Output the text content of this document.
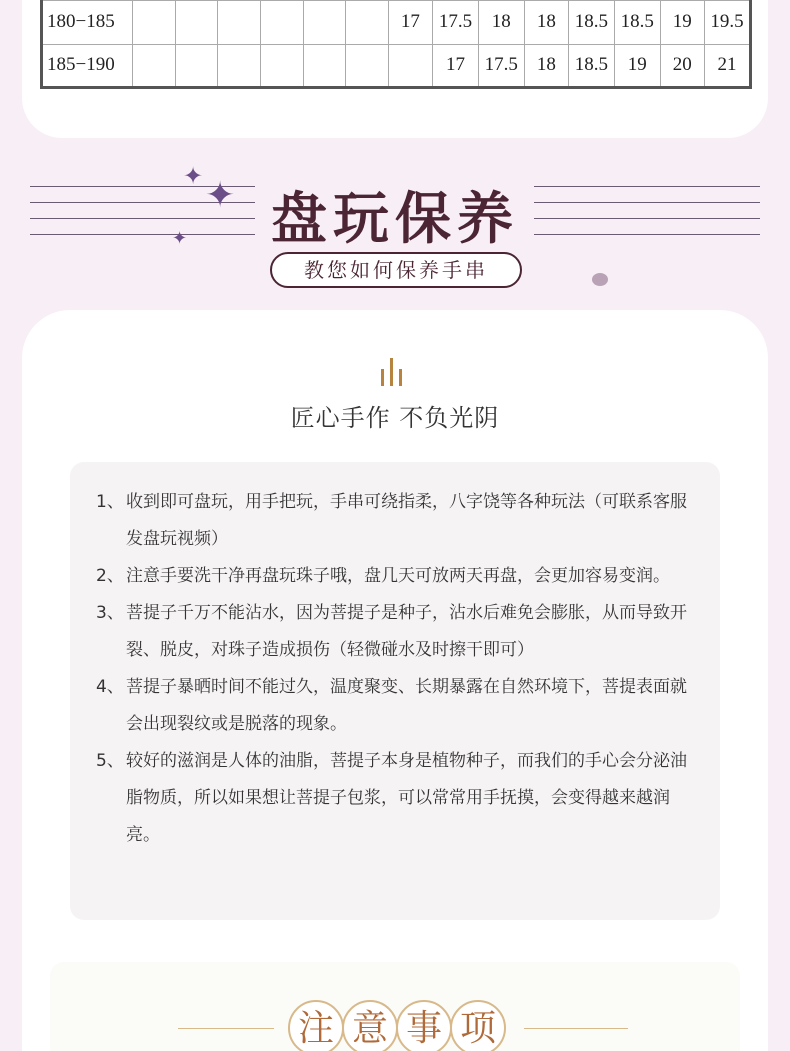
180−185							17	17.5	18	18	18.5	18.5	19	19.5
185−190								17	17.5	18	18.5	19	20	21
✦ ✦
✦ 盘玩保养
教您如何保养手串
匠心手作 不负光阴

1、 收到即可盘玩，用手把玩，手串可绕指柔，八字饶等各种玩法（可联系客服发盘玩视频）

2、 注意手要洗干净再盘玩珠子哦，盘几天可放两天再盘，会更加容易变润。

3、 菩提子千万不能沾水，因为菩提子是种子，沾水后难免会膨胀，从而导致开裂、脱皮，对珠子造成损伤（轻微碰水及时擦干即可）

4、 菩提子暴晒时间不能过久，温度聚变、长期暴露在自然环境下，菩提表面就会出现裂纹或是脱落的现象。

5、 较好的滋润是人体的油脂，菩提子本身是植物种子，而我们的手心会分泌油脂物质，所以如果想让菩提子包浆，可以常常用手抚摸，会变得越来越润亮。

注 意 事 项
